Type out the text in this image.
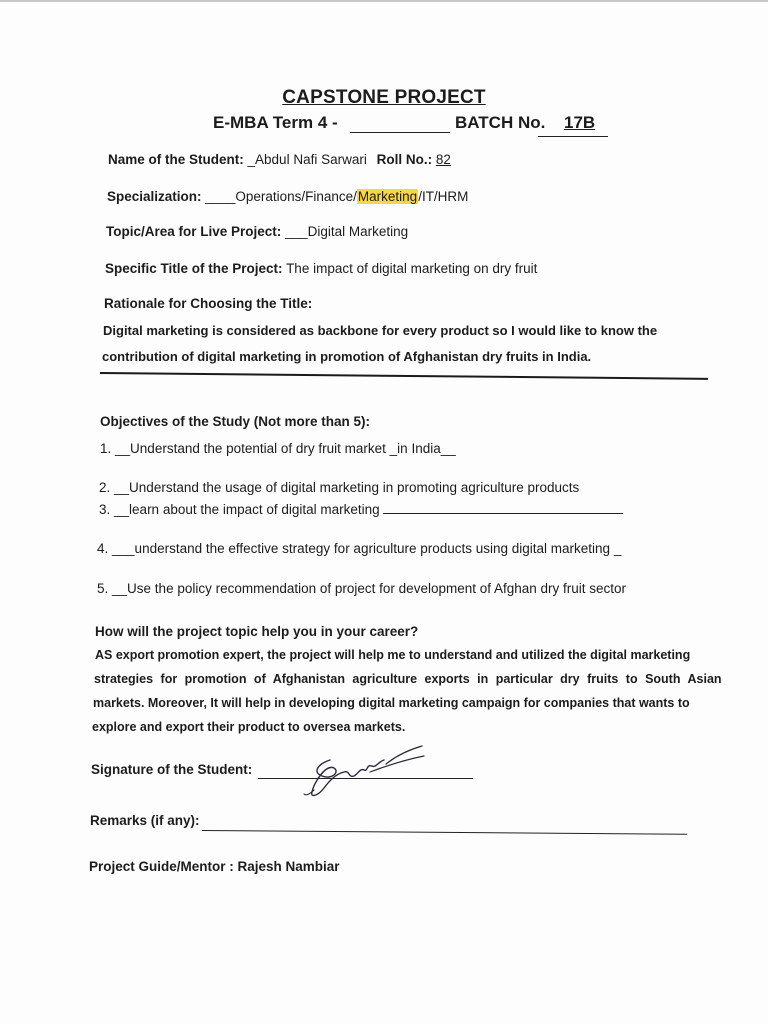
CAPSTONE PROJECT
E-MBA Term 4 -	BATCH No. 17B
Name of the Student: _Abdul Nafi Sarwari Roll No.: 82
Specialization: ____Operations/Finance/Marketing/IT/HRM
Topic/Area for Live Project: ___Digital Marketing
Specific Title of the Project: The impact of digital marketing on dry fruit
Rationale for Choosing the Title:
Digital marketing is considered as backbone for every product so I would like to know the
contribution of digital marketing in promotion of Afghanistan dry fruits in India.
Objectives of the Study (Not more than 5):
1. __Understand the potential of dry fruit market _in India__
2. __Understand the usage of digital marketing in promoting agriculture products
3. __learn about the impact of digital marketing
4. ___understand the effective strategy for agriculture products using digital marketing _
5. __Use the policy recommendation of project for development of Afghan dry fruit sector
How will the project topic help you in your career?
AS export promotion expert, the project will help me to understand and utilized the digital marketing
strategies for promotion of Afghanistan agriculture exports in particular dry fruits to South Asian
markets. Moreover, It will help in developing digital marketing campaign for companies that wants to
explore and export their product to oversea markets.
Signature of the Student:
Remarks (if any):
Project Guide/Mentor : Rajesh Nambiar
